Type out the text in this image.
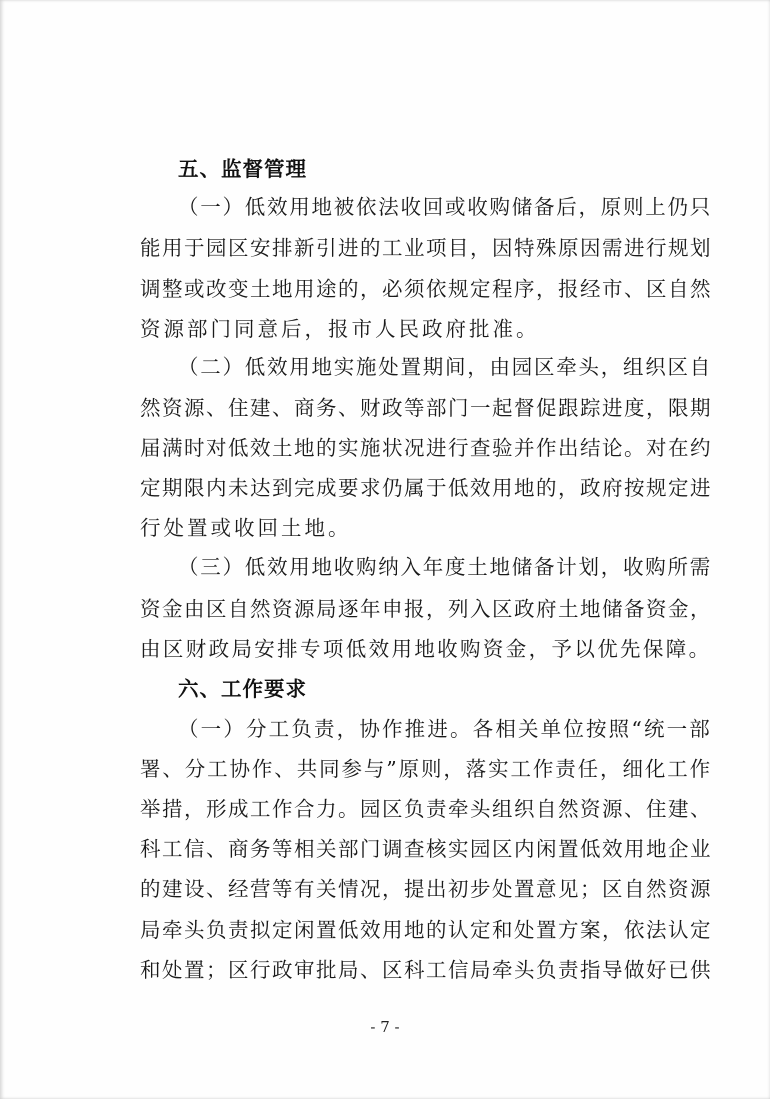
五、监督管理
（一）低效用地被依法收回或收购储备后，原则上仍只
能用于园区安排新引进的工业项目，因特殊原因需进行规划
调整或改变土地用途的，必须依规定程序，报经市、区自然
资源部门同意后，报市人民政府批准。
（二）低效用地实施处置期间，由园区牵头，组织区自
然资源、住建、商务、财政等部门一起督促跟踪进度，限期
届满时对低效土地的实施状况进行查验并作出结论。对在约
定期限内未达到完成要求仍属于低效用地的，政府按规定进
行处置或收回土地。
（三）低效用地收购纳入年度土地储备计划，收购所需
资金由区自然资源局逐年申报，列入区政府土地储备资金，
由区财政局安排专项低效用地收购资金，予以优先保障。
六、工作要求
（一）分工负责，协作推进。各相关单位按照“统一部
署、分工协作、共同参与”原则，落实工作责任，细化工作
举措，形成工作合力。园区负责牵头组织自然资源、住建、
科工信、商务等相关部门调查核实园区内闲置低效用地企业
的建设、经营等有关情况，提出初步处置意见；区自然资源
局牵头负责拟定闲置低效用地的认定和处置方案，依法认定
和处置；区行政审批局、区科工信局牵头负责指导做好已供
- 7 -
